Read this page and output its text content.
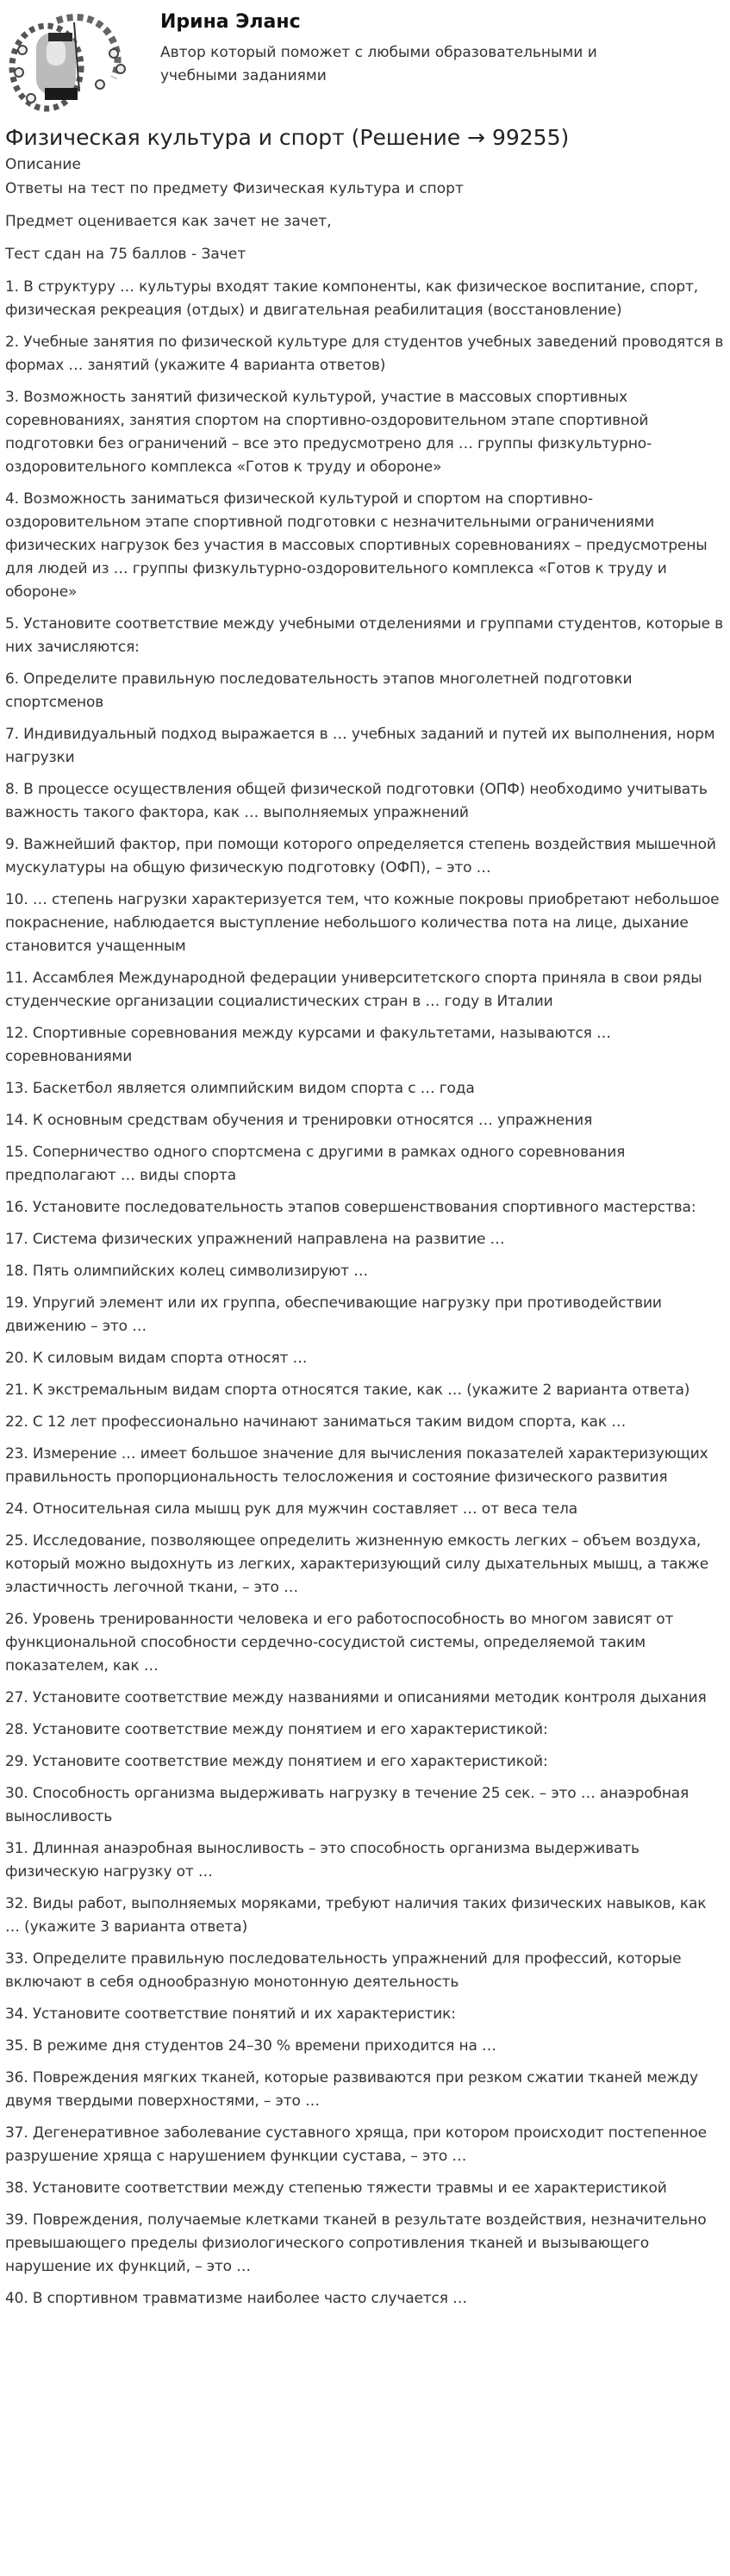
Ирина Эланс
Автор который поможет с любыми образовательными и учебными заданиями
Физическая культура и спорт (Решение → 99255)
Описание

Ответы на тест по предмету Физическая культура и спорт

Предмет оценивается как зачет не зачет,

Тест сдан на 75 баллов - Зачет

1. В структуру … культуры входят такие компоненты, как физическое воспитание, спорт, физическая рекреация (отдых) и двигательная реабилитация (восстановление)

2. Учебные занятия по физической культуре для студентов учебных заведений проводятся в формах … занятий (укажите 4 варианта ответов)

3. Возможность занятий физической культурой, участие в массовых спортивных соревнованиях, занятия спортом на спортивно-оздоровительном этапе спортивной подготовки без ограничений – все это предусмотрено для … группы физкультурно-оздоровительного комплекса «Готов к труду и обороне»

4. Возможность заниматься физической культурой и спортом на спортивно-оздоровительном этапе спортивной подготовки с незначительными ограничениями физических нагрузок без участия в массовых спортивных соревнованиях – предусмотрены для людей из … группы физкультурно-оздоровительного комплекса «Готов к труду и обороне»

5. Установите соответствие между учебными отделениями и группами студентов, которые в них зачисляются:

6. Определите правильную последовательность этапов многолетней подготовки спортсменов

7. Индивидуальный подход выражается в … учебных заданий и путей их выполнения, норм нагрузки

8. В процессе осуществления общей физической подготовки (ОПФ) необходимо учитывать важность такого фактора, как … выполняемых упражнений

9. Важнейший фактор, при помощи которого определяется степень воздействия мышечной мускулатуры на общую физическую подготовку (ОФП), – это …

10. … степень нагрузки характеризуется тем, что кожные покровы приобретают небольшое покраснение, наблюдается выступление небольшого количества пота на лице, дыхание становится учащенным

11. Ассамблея Международной федерации университетского спорта приняла в свои ряды студенческие организации социалистических стран в … году в Италии

12. Спортивные соревнования между курсами и факультетами, называются … соревнованиями

13. Баскетбол является олимпийским видом спорта с … года

14. К основным средствам обучения и тренировки относятся … упражнения

15. Соперничество одного спортсмена с другими в рамках одного соревнования предполагают … виды спорта

16. Установите последовательность этапов совершенствования спортивного мастерства:

17. Система физических упражнений направлена на развитие …

18. Пять олимпийских колец символизируют …

19. Упругий элемент или их группа, обеспечивающие нагрузку при противодействии движению – это …

20. К силовым видам спорта относят …

21. К экстремальным видам спорта относятся такие, как … (укажите 2 варианта ответа)

22. С 12 лет профессионально начинают заниматься таким видом спорта, как …

23. Измерение … имеет большое значение для вычисления показателей характеризующих правильность пропорциональность телосложения и состояние физического развития

24. Относительная сила мышц рук для мужчин составляет … от веса тела

25. Исследование, позволяющее определить жизненную емкость легких – объем воздуха, который можно выдохнуть из легких, характеризующий силу дыхательных мышц, а также эластичность легочной ткани, – это …

26. Уровень тренированности человека и его работоспособность во многом зависят от функциональной способности сердечно-сосудистой системы, определяемой таким показателем, как …

27. Установите соответствие между названиями и описаниями методик контроля дыхания

28. Установите соответствие между понятием и его характеристикой:

29. Установите соответствие между понятием и его характеристикой:

30. Способность организма выдерживать нагрузку в течение 25 сек. – это … анаэробная выносливость

31. Длинная анаэробная выносливость – это способность организма выдерживать физическую нагрузку от …

32. Виды работ, выполняемых моряками, требуют наличия таких физических навыков, как … (укажите 3 варианта ответа)

33. Определите правильную последовательность упражнений для профессий, которые включают в себя однообразную монотонную деятельность

34. Установите соответствие понятий и их характеристик:

35. В режиме дня студентов 24–30 % времени приходится на …

36. Повреждения мягких тканей, которые развиваются при резком сжатии тканей между двумя твердыми поверхностями, – это …

37. Дегенеративное заболевание суставного хряща, при котором происходит постепенное разрушение хряща с нарушением функции сустава, – это …

38. Установите соответствии между степенью тяжести травмы и ее характеристикой

39. Повреждения, получаемые клетками тканей в результате воздействия, незначительно превышающего пределы физиологического сопротивления тканей и вызывающего нарушение их функций, – это …

40. В спортивном травматизме наиболее часто случается …
